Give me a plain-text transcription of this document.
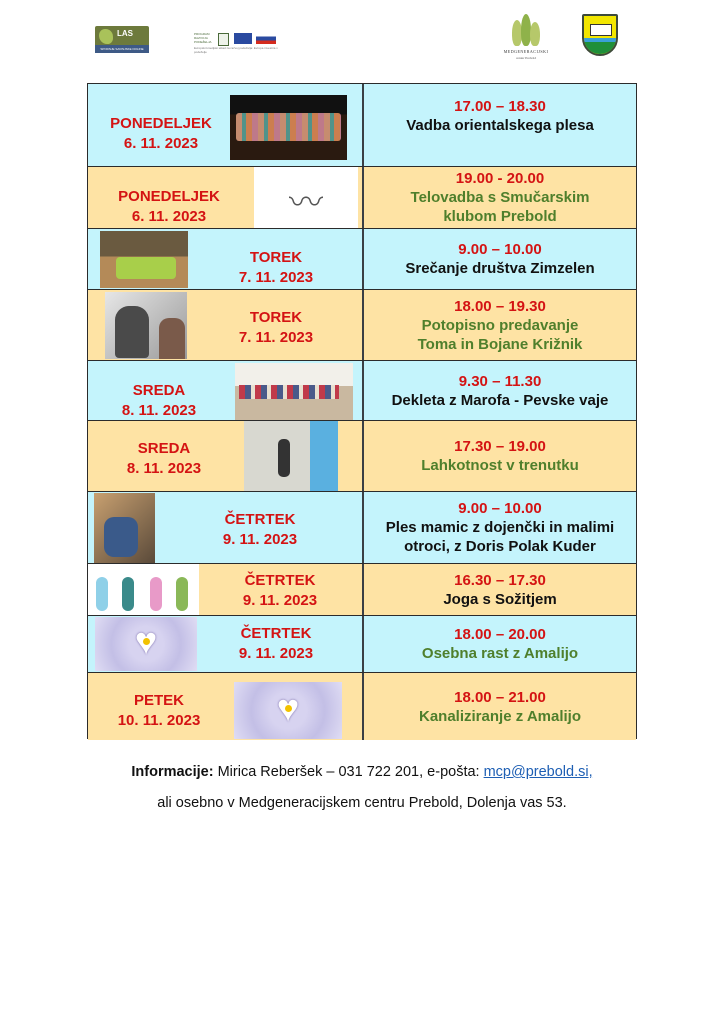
LAS
SPODNJE SAVINJSKE DOLINE
PROGRAM RAZVOJA PODEŽELJA
Evropski kmetijski sklad za razvoj podeželja: Evropa investira v podeželje	MEDGENERACIJSKI
center Prebold
PONEDELJEK
6. 11. 2023
17.00 – 18.30
Vadba orientalskega plesa
PONEDELJEK
6. 11. 2023
〰
19.00 - 20.00
Telovadba s Smučarskim
klubom Prebold
TOREK
7. 11. 2023
9.00 – 10.00
Srečanje društva Zimzelen
TOREK
7. 11. 2023
18.00 – 19.30
Potopisno predavanje
Toma in Bojane Križnik
SREDA
8. 11. 2023
9.30 – 11.30
Dekleta z Marofa - Pevske vaje
SREDA
8. 11. 2023
17.30 – 19.00
Lahkotnost v trenutku
ČETRTEK
9. 11. 2023
9.00 – 10.00
Ples mamic z dojenčki in malimi
otroci, z Doris Polak Kuder
ČETRTEK
9. 11. 2023
16.30 – 17.30
Joga s Sožitjem
♥
ČETRTEK
9. 11. 2023
18.00 – 20.00
Osebna rast z Amalijo
PETEK
10. 11. 2023
♥
18.00 – 21.00
Kanaliziranje z Amalijo
Informacije: Mirica Reberšek – 031 722 201, e-pošta: mcp@prebold.si,
ali osebno v Medgeneracijskem centru Prebold, Dolenja vas 53.
